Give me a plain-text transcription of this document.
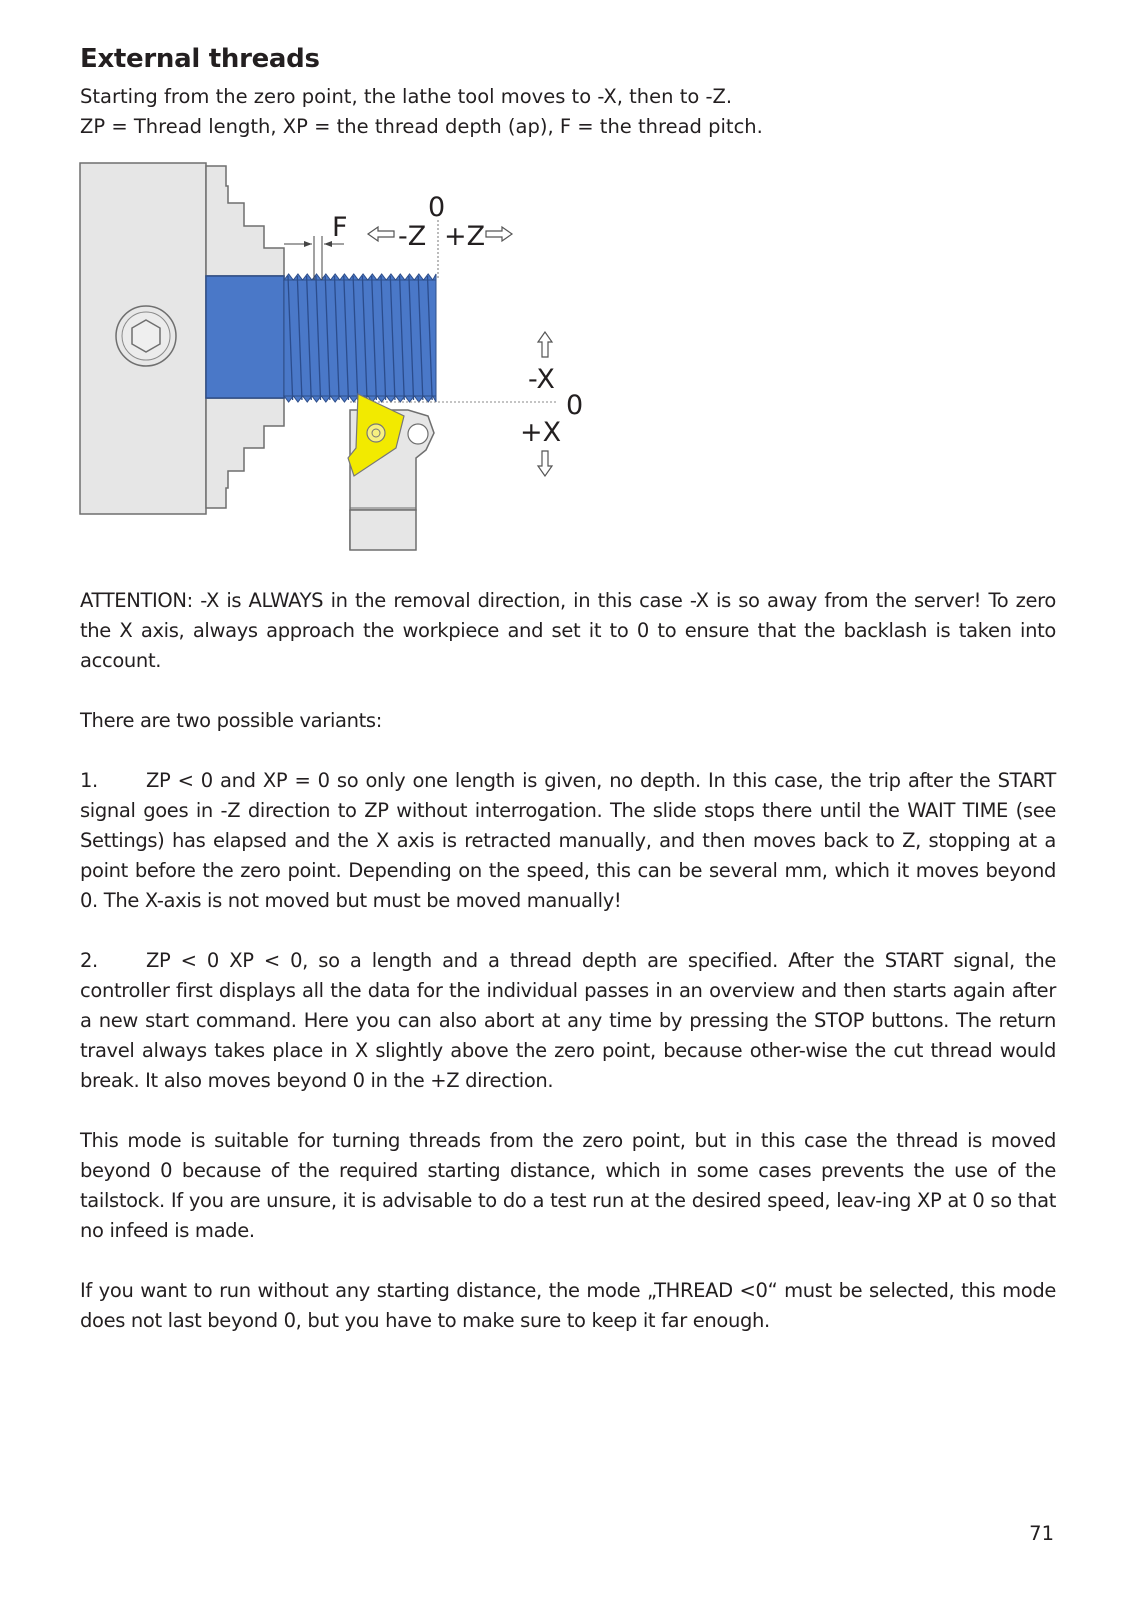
External threads
Starting from the zero point, the lathe tool moves to -X, then to -Z.
ZP = Thread length, XP = the thread depth (ap), F = the thread pitch.
F
0
-Z +Z
-X
0
+X

ATTENTION: -X is ALWAYS in the removal direction, in this case -X is so away from the server! To zero the X axis, always approach the workpiece and set it to 0 to ensure that the backlash is taken into account.

There are two possible variants:

1. ZP < 0 and XP = 0 so only one length is given, no depth. In this case, the trip after the START signal goes in -Z direction to ZP without interrogation. The slide stops there until the WAIT TIME (see Settings) has elapsed and the X axis is retracted manually, and then moves back to Z, stopping at a point before the zero point. Depending on the speed, this can be several mm, which it moves beyond 0. The X-axis is not moved but must be moved manually!

2. ZP < 0 XP < 0, so a length and a thread depth are specified. After the START signal, the controller first displays all the data for the individual passes in an overview and then starts again after a new start command. Here you can also abort at any time by pressing the STOP buttons. The return travel always takes place in X slightly above the zero point, because other-wise the cut thread would break. It also moves beyond 0 in the +Z direction.

This mode is suitable for turning threads from the zero point, but in this case the thread is moved beyond 0 because of the required starting distance, which in some cases prevents the use of the tailstock. If you are unsure, it is advisable to do a test run at the desired speed, leav-ing XP at 0 so that no infeed is made.

If you want to run without any starting distance, the mode „THREAD <0“ must be selected, this mode does not last beyond 0, but you have to make sure to keep it far enough.

71
